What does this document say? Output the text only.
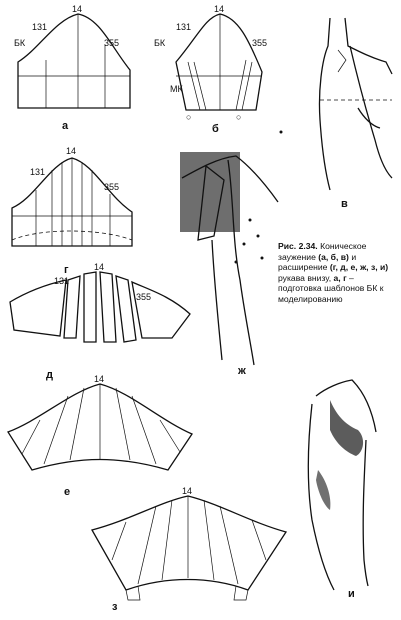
14
131
355
БК
а
14
131
355
БК
МК
○	○
б
в
14
131
355
г
ж
14
131
355
д	14
е
и
14
з
Рис. 2.34. Коническое заужение (а, б, в) и расширение (г, д, е, ж, з, и) рукава внизу, а, г – подготовка шаблонов БК к моделированию
